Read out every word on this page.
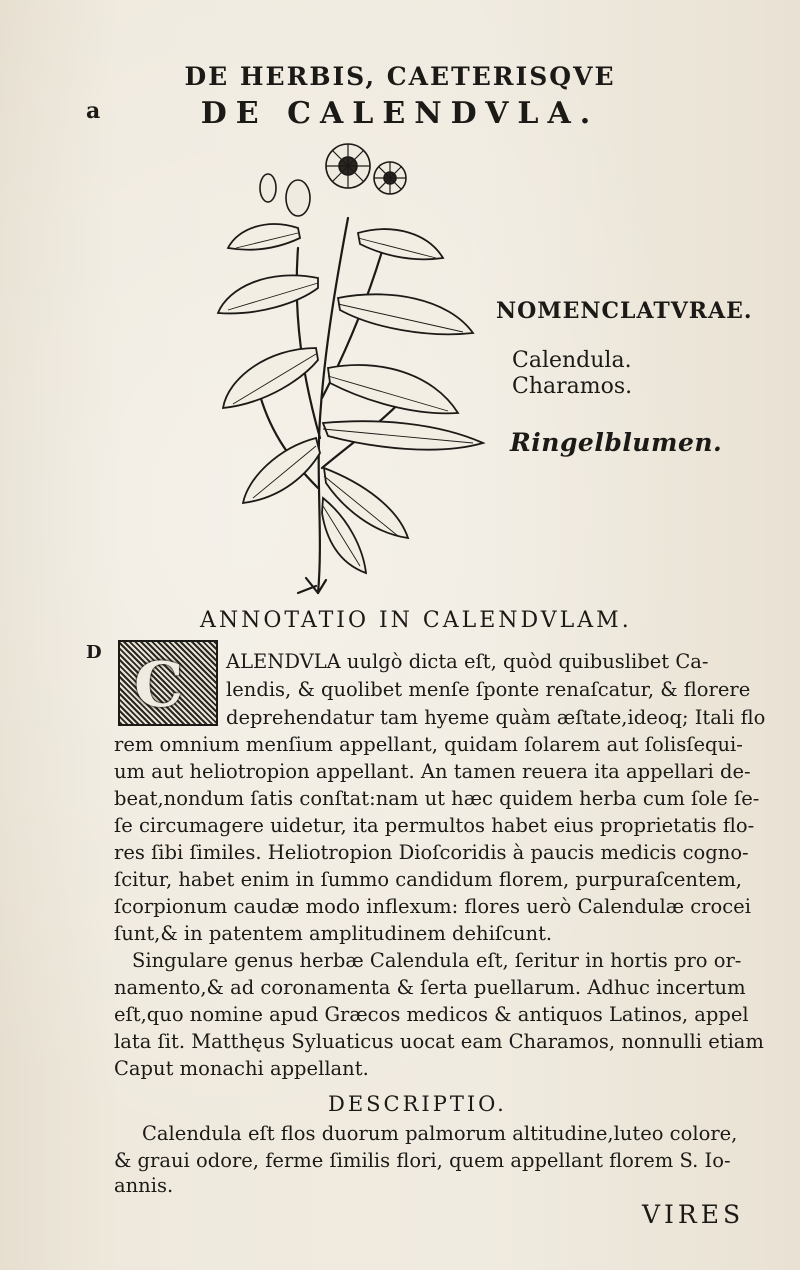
DE HERBIS, CAETERISQVE
a	DE CALENDVLA.
NOMENCLATVRAE.
Calendula.
Charamos.
Ringelblumen.
ANNOTATIO IN CALENDVLAM.
D C ALENDVLA uulgò dicta eſt, quòd quibuslibet Ca-
lendis, & quolibet menſe ſponte renaſcatur, & florere
deprehendatur tam hyeme quàm æſtate,ideoq; Itali flo
rem omnium menſium appellant, quidam ſolarem aut ſolisſequi-
um aut heliotropion appellant. An tamen reuera ita appellari de-
beat,nondum ſatis conſtat:nam ut hæc quidem herba cum ſole ſe-
ſe circumagere uidetur, ita permultos habet eius proprietatis flo-
res ſibi ſimiles. Heliotropion Dioſcoridis à paucis medicis cogno-
ſcitur, habet enim in ſummo candidum florem, purpuraſcentem,
ſcorpionum caudæ modo inflexum: flores uerò Calendulæ crocei
ſunt,& in patentem amplitudinem dehiſcunt.
Singulare genus herbæ Calendula eſt, ſeritur in hortis pro or-
namento,& ad coronamenta & ſerta puellarum. Adhuc incertum
eſt,quo nomine apud Græcos medicos & antiquos Latinos, appel
lata ſit. Matthęus Syluaticus uocat eam Charamos, nonnulli etiam
Caput monachi appellant.
DESCRIPTIO.
Calendula eſt flos duorum palmorum altitudine,luteo colore,
& graui odore, ferme ſimilis flori, quem appellant florem S. Io-
annis.
VIRES
